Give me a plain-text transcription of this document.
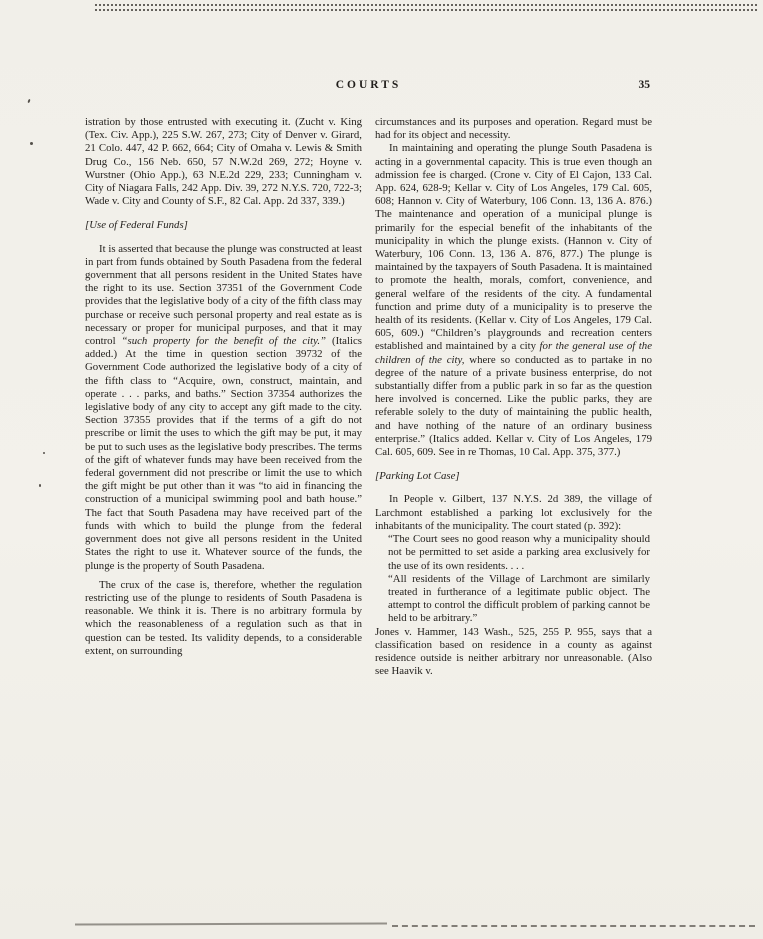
COURTS	35

istration by those entrusted with executing it. (Zucht v. King (Tex. Civ. App.), 225 S.W. 267, 273; City of Denver v. Girard, 21 Colo. 447, 42 P. 662, 664; City of Omaha v. Lewis & Smith Drug Co., 156 Neb. 650, 57 N.W.2d 269, 272; Hoyne v. Wurstner (Ohio App.), 63 N.E.2d 229, 233; Cunningham v. City of Niagara Falls, 242 App. Div. 39, 272 N.Y.S. 720, 722-3; Wade v. City and County of S.F., 82 Cal. App. 2d 337, 339.)

[Use of Federal Funds]

It is asserted that because the plunge was constructed at least in part from funds obtained by South Pasadena from the federal government that all persons resident in the United States have the right to its use. Section 37351 of the Government Code provides that the legislative body of a city of the fifth class may purchase or receive such personal property and real estate as is necessary or proper for municipal purposes, and that it may control “such property for the benefit of the city.” (Italics added.) At the time in question section 39732 of the Government Code authorized the legislative body of a city of the fifth class to “Acquire, own, construct, maintain, and operate . . . parks, and baths.” Section 37354 authorizes the legislative body of any city to accept any gift made to the city. Section 37355 provides that if the terms of a gift do not prescribe or limit the uses to which the gift may be put, it may be put to such uses as the legislative body prescribes. The terms of the gift of whatever funds may have been received from the federal government did not prescribe or limit the use to which the gift might be put other than it was “to aid in financing the construction of a municipal swimming pool and bath house.” The fact that South Pasadena may have received part of the funds with which to build the plunge from the federal government does not give all persons resident in the United States the right to use it. Whatever source of the funds, the plunge is the property of South Pasadena.

The crux of the case is, therefore, whether the regulation restricting use of the plunge to residents of South Pasadena is reasonable. We think it is. There is no arbitrary formula by which the reasonableness of a regulation such as that in question can be tested. Its validity depends, to a considerable extent, on surrounding

circumstances and its purposes and operation. Regard must be had for its object and necessity.

In maintaining and operating the plunge South Pasadena is acting in a governmental capacity. This is true even though an admission fee is charged. (Crone v. City of El Cajon, 133 Cal. App. 624, 628-9; Kellar v. City of Los Angeles, 179 Cal. 605, 608; Hannon v. City of Waterbury, 106 Conn. 13, 136 A. 876.) The maintenance and operation of a municipal plunge is primarily for the especial benefit of the inhabitants of the municipality in which the plunge exists. (Hannon v. City of Waterbury, 106 Conn. 13, 136 A. 876, 877.) The plunge is maintained by the taxpayers of South Pasadena. It is maintained to promote the health, morals, comfort, convenience, and general welfare of the residents of the city. A fundamental function and prime duty of a municipality is to preserve the health of its residents. (Kellar v. City of Los Angeles, 179 Cal. 605, 609.) “Children’s playgrounds and recreation centers established and maintained by a city for the general use of the children of the city, where so conducted as to partake in no degree of the nature of a private business enterprise, do not substantially differ from a public park in so far as the question here involved is concerned. Like the public parks, they are referable solely to the duty of maintaining the public health, and have nothing of the nature of an ordinary business enterprise.” (Italics added. Kellar v. City of Los Angeles, 179 Cal. 605, 609. See in re Thomas, 10 Cal. App. 375, 377.)

[Parking Lot Case]

In People v. Gilbert, 137 N.Y.S. 2d 389, the village of Larchmont established a parking lot exclusively for the inhabitants of the municipality. The court stated (p. 392):

“The Court sees no good reason why a municipality should not be permitted to set aside a parking area exclusively for the use of its own residents. . . .

“All residents of the Village of Larchmont are similarly treated in furtherance of a legitimate public object. The attempt to control the difficult problem of parking cannot be held to be arbitrary.”

Jones v. Hammer, 143 Wash., 525, 255 P. 955, says that a classification based on residence in a county as against residence outside is neither arbitrary nor unreasonable. (Also see Haavik v.
